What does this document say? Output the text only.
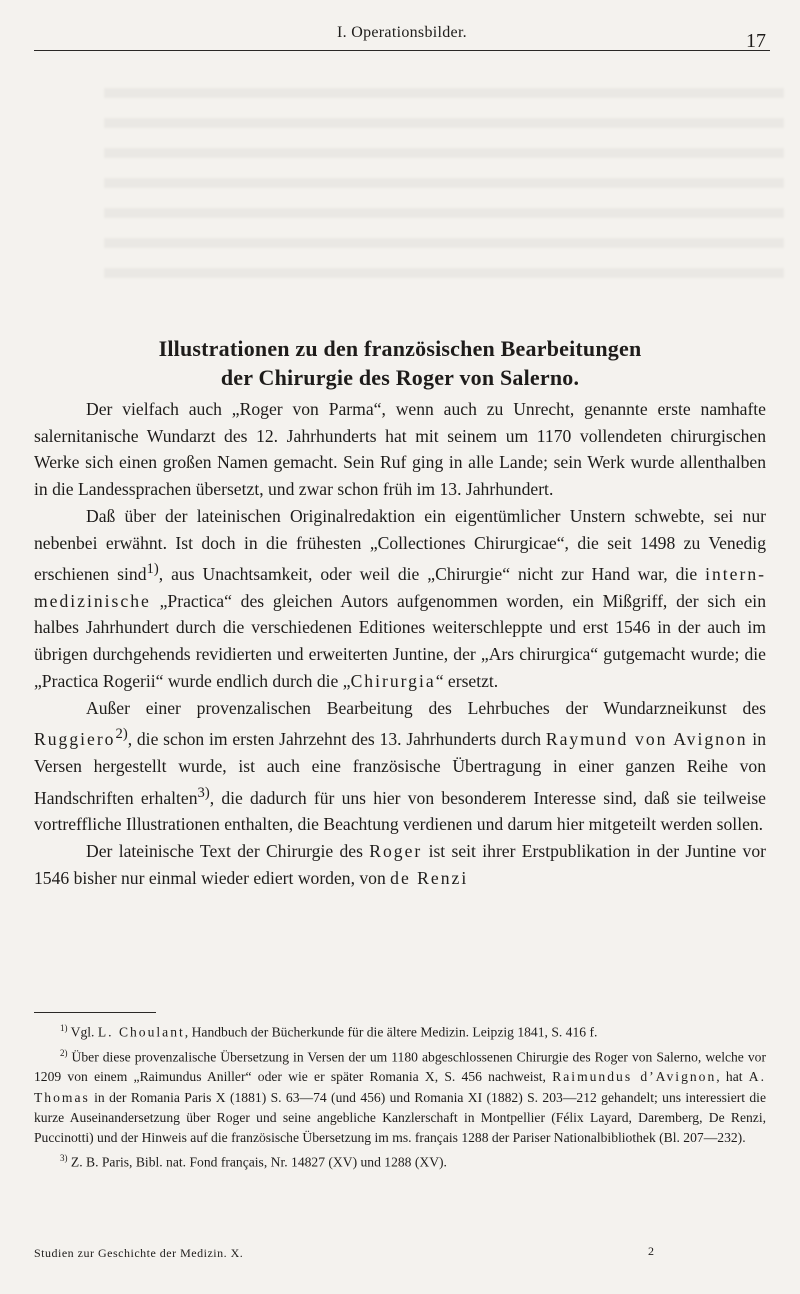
I. Operationsbilder.	17
Illustrationen zu den französischen Bearbeitungen
der Chirurgie des Roger von Salerno.

Der vielfach auch „Roger von Parma“, wenn auch zu Unrecht, genannte erste namhafte salernitanische Wundarzt des 12. Jahrhunderts hat mit seinem um 1170 vollendeten chirurgischen Werke sich einen großen Namen gemacht. Sein Ruf ging in alle Lande; sein Werk wurde allenthalben in die Landessprachen übersetzt, und zwar schon früh im 13. Jahrhundert.

Daß über der lateinischen Originalredaktion ein eigentümlicher Unstern schwebte, sei nur nebenbei erwähnt. Ist doch in die frühesten „Collectiones Chirurgicae“, die seit 1498 zu Venedig erschienen sind$^{1)}$, aus Unachtsamkeit, oder weil die „Chirurgie“ nicht zur Hand war, die intern-medizinische „Practica“ des gleichen Autors aufgenommen worden, ein Mißgriff, der sich ein halbes Jahrhundert durch die verschiedenen Editiones weiterschleppte und erst 1546 in der auch im übrigen durchgehends revidierten und erweiterten Juntine, der „Ars chirurgica“ gutgemacht wurde; die „Practica Rogerii“ wurde endlich durch die „Chirurgia“ ersetzt.

Außer einer provenzalischen Bearbeitung des Lehrbuches der Wundarzneikunst des Ruggiero$^{2)}$, die schon im ersten Jahrzehnt des 13. Jahrhunderts durch Raymund von Avignon in Versen hergestellt wurde, ist auch eine französische Übertragung in einer ganzen Reihe von Handschriften erhalten$^{3)}$, die dadurch für uns hier von besonderem Interesse sind, daß sie teilweise vortreffliche Illustrationen enthalten, die Beachtung verdienen und darum hier mitgeteilt werden sollen.

Der lateinische Text der Chirurgie des Roger ist seit ihrer Erstpublikation in der Juntine vor 1546 bisher nur einmal wieder ediert worden, von de Renzi

$^{1)}$ Vgl. L. Choulant, Handbuch der Bücherkunde für die ältere Medizin. Leipzig 1841, S. 416 f.

$^{2)}$ Über diese provenzalische Übersetzung in Versen der um 1180 abgeschlossenen Chirurgie des Roger von Salerno, welche vor 1209 von einem „Raimundus Aniller“ oder wie er später Romania X, S. 456 nachweist, Raimundus d’Avignon, hat A. Thomas in der Romania Paris X (1881) S. 63—74 (und 456) und Romania XI (1882) S. 203—212 gehandelt; uns interessiert die kurze Auseinandersetzung über Roger und seine angebliche Kanzlerschaft in Montpellier (Félix Layard, Daremberg, De Renzi, Puccinotti) und der Hinweis auf die französische Übersetzung im ms. français 1288 der Pariser Nationalbibliothek (Bl. 207—232).

$^{3)}$ Z. B. Paris, Bibl. nat. Fond français, Nr. 14827 (XV) und 1288 (XV).

Studien zur Geschichte der Medizin. X.	2
